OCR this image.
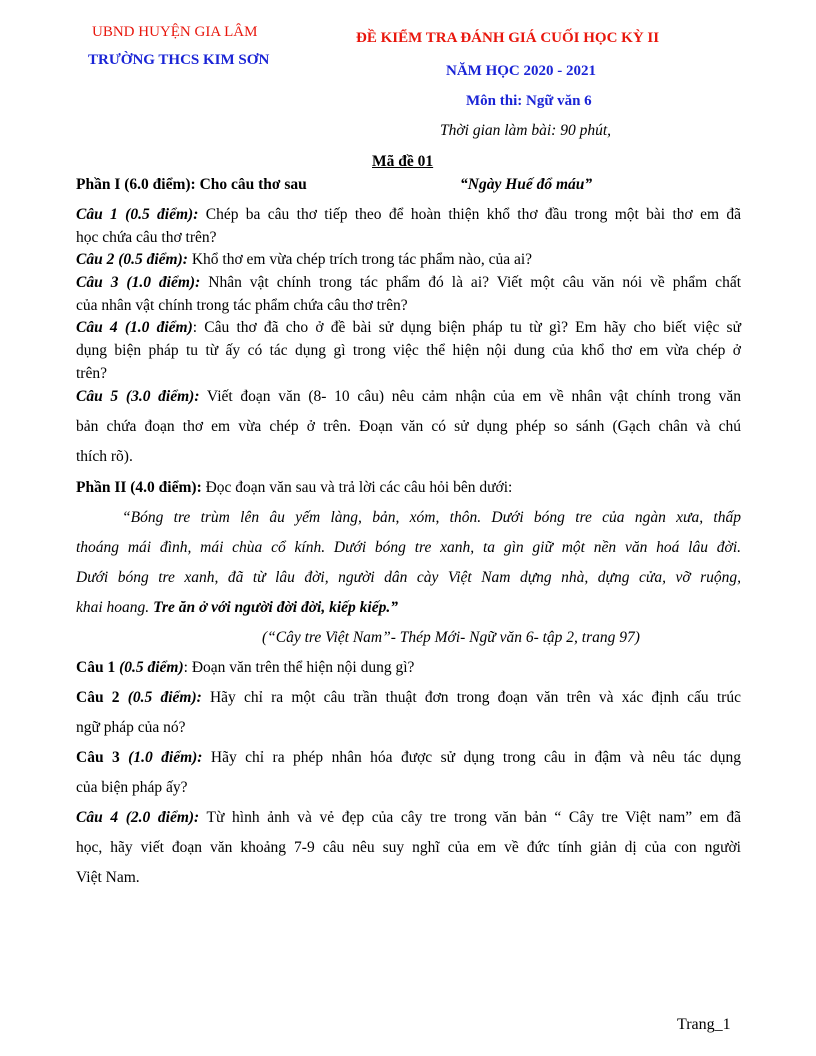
UBND HUYỆN GIA LÂM
TRƯỜNG THCS KIM SƠN
ĐỀ KIỂM TRA ĐÁNH GIÁ CUỐI HỌC KỲ II
NĂM HỌC 2020 - 2021
Môn thi: Ngữ văn 6
Thời gian làm bài: 90 phút,
Mã đề 01
Phần I (6.0 điểm): Cho câu thơ sau	“Ngày Huế đổ máu”
Câu 1 (0.5 điểm): Chép ba câu thơ tiếp theo để hoàn thiện khổ thơ đầu trong một bài thơ em đã
học chứa câu thơ trên?
Câu 2 (0.5 điểm): Khổ thơ em vừa chép trích trong tác phẩm nào, của ai?
Câu 3 (1.0 điểm): Nhân vật chính trong tác phẩm đó là ai? Viết một câu văn nói về phẩm chất
của nhân vật chính trong tác phẩm chứa câu thơ trên?
Câu 4 (1.0 điểm): Câu thơ đã cho ở đề bài sử dụng biện pháp tu từ gì? Em hãy cho biết việc sử
dụng biện pháp tu từ ấy có tác dụng gì trong việc thể hiện nội dung của khổ thơ em vừa chép ở
trên?
Câu 5 (3.0 điểm): Viết đoạn văn (8- 10 câu) nêu cảm nhận của em về nhân vật chính trong văn
bản chứa đoạn thơ em vừa chép ở trên. Đoạn văn có sử dụng phép so sánh (Gạch chân và chú
thích rõ).
Phần II (4.0 điểm): Đọc đoạn văn sau và trả lời các câu hỏi bên dưới:
“Bóng tre trùm lên âu yếm làng, bản, xóm, thôn. Dưới bóng tre của ngàn xưa, thấp
thoáng mái đình, mái chùa cổ kính. Dưới bóng tre xanh, ta gìn giữ một nền văn hoá lâu đời.
Dưới bóng tre xanh, đã từ lâu đời, người dân cày Việt Nam dựng nhà, dựng cửa, vỡ ruộng,
khai hoang. Tre ăn ở với người đời đời, kiếp kiếp.”
(“Cây tre Việt Nam”- Thép Mới- Ngữ văn 6- tập 2, trang 97)
Câu 1 (0.5 điểm): Đoạn văn trên thể hiện nội dung gì?
Câu 2 (0.5 điểm): Hãy chỉ ra một câu trần thuật đơn trong đoạn văn trên và xác định cấu trúc
ngữ pháp của nó?
Câu 3 (1.0 điểm): Hãy chỉ ra phép nhân hóa được sử dụng trong câu in đậm và nêu tác dụng
của biện pháp ấy?
Câu 4 (2.0 điểm): Từ hình ảnh và vẻ đẹp của cây tre trong văn bản “ Cây tre Việt nam” em đã
học, hãy viết đoạn văn khoảng 7-9 câu nêu suy nghĩ của em về đức tính giản dị của con người
Việt Nam.
Trang_1
